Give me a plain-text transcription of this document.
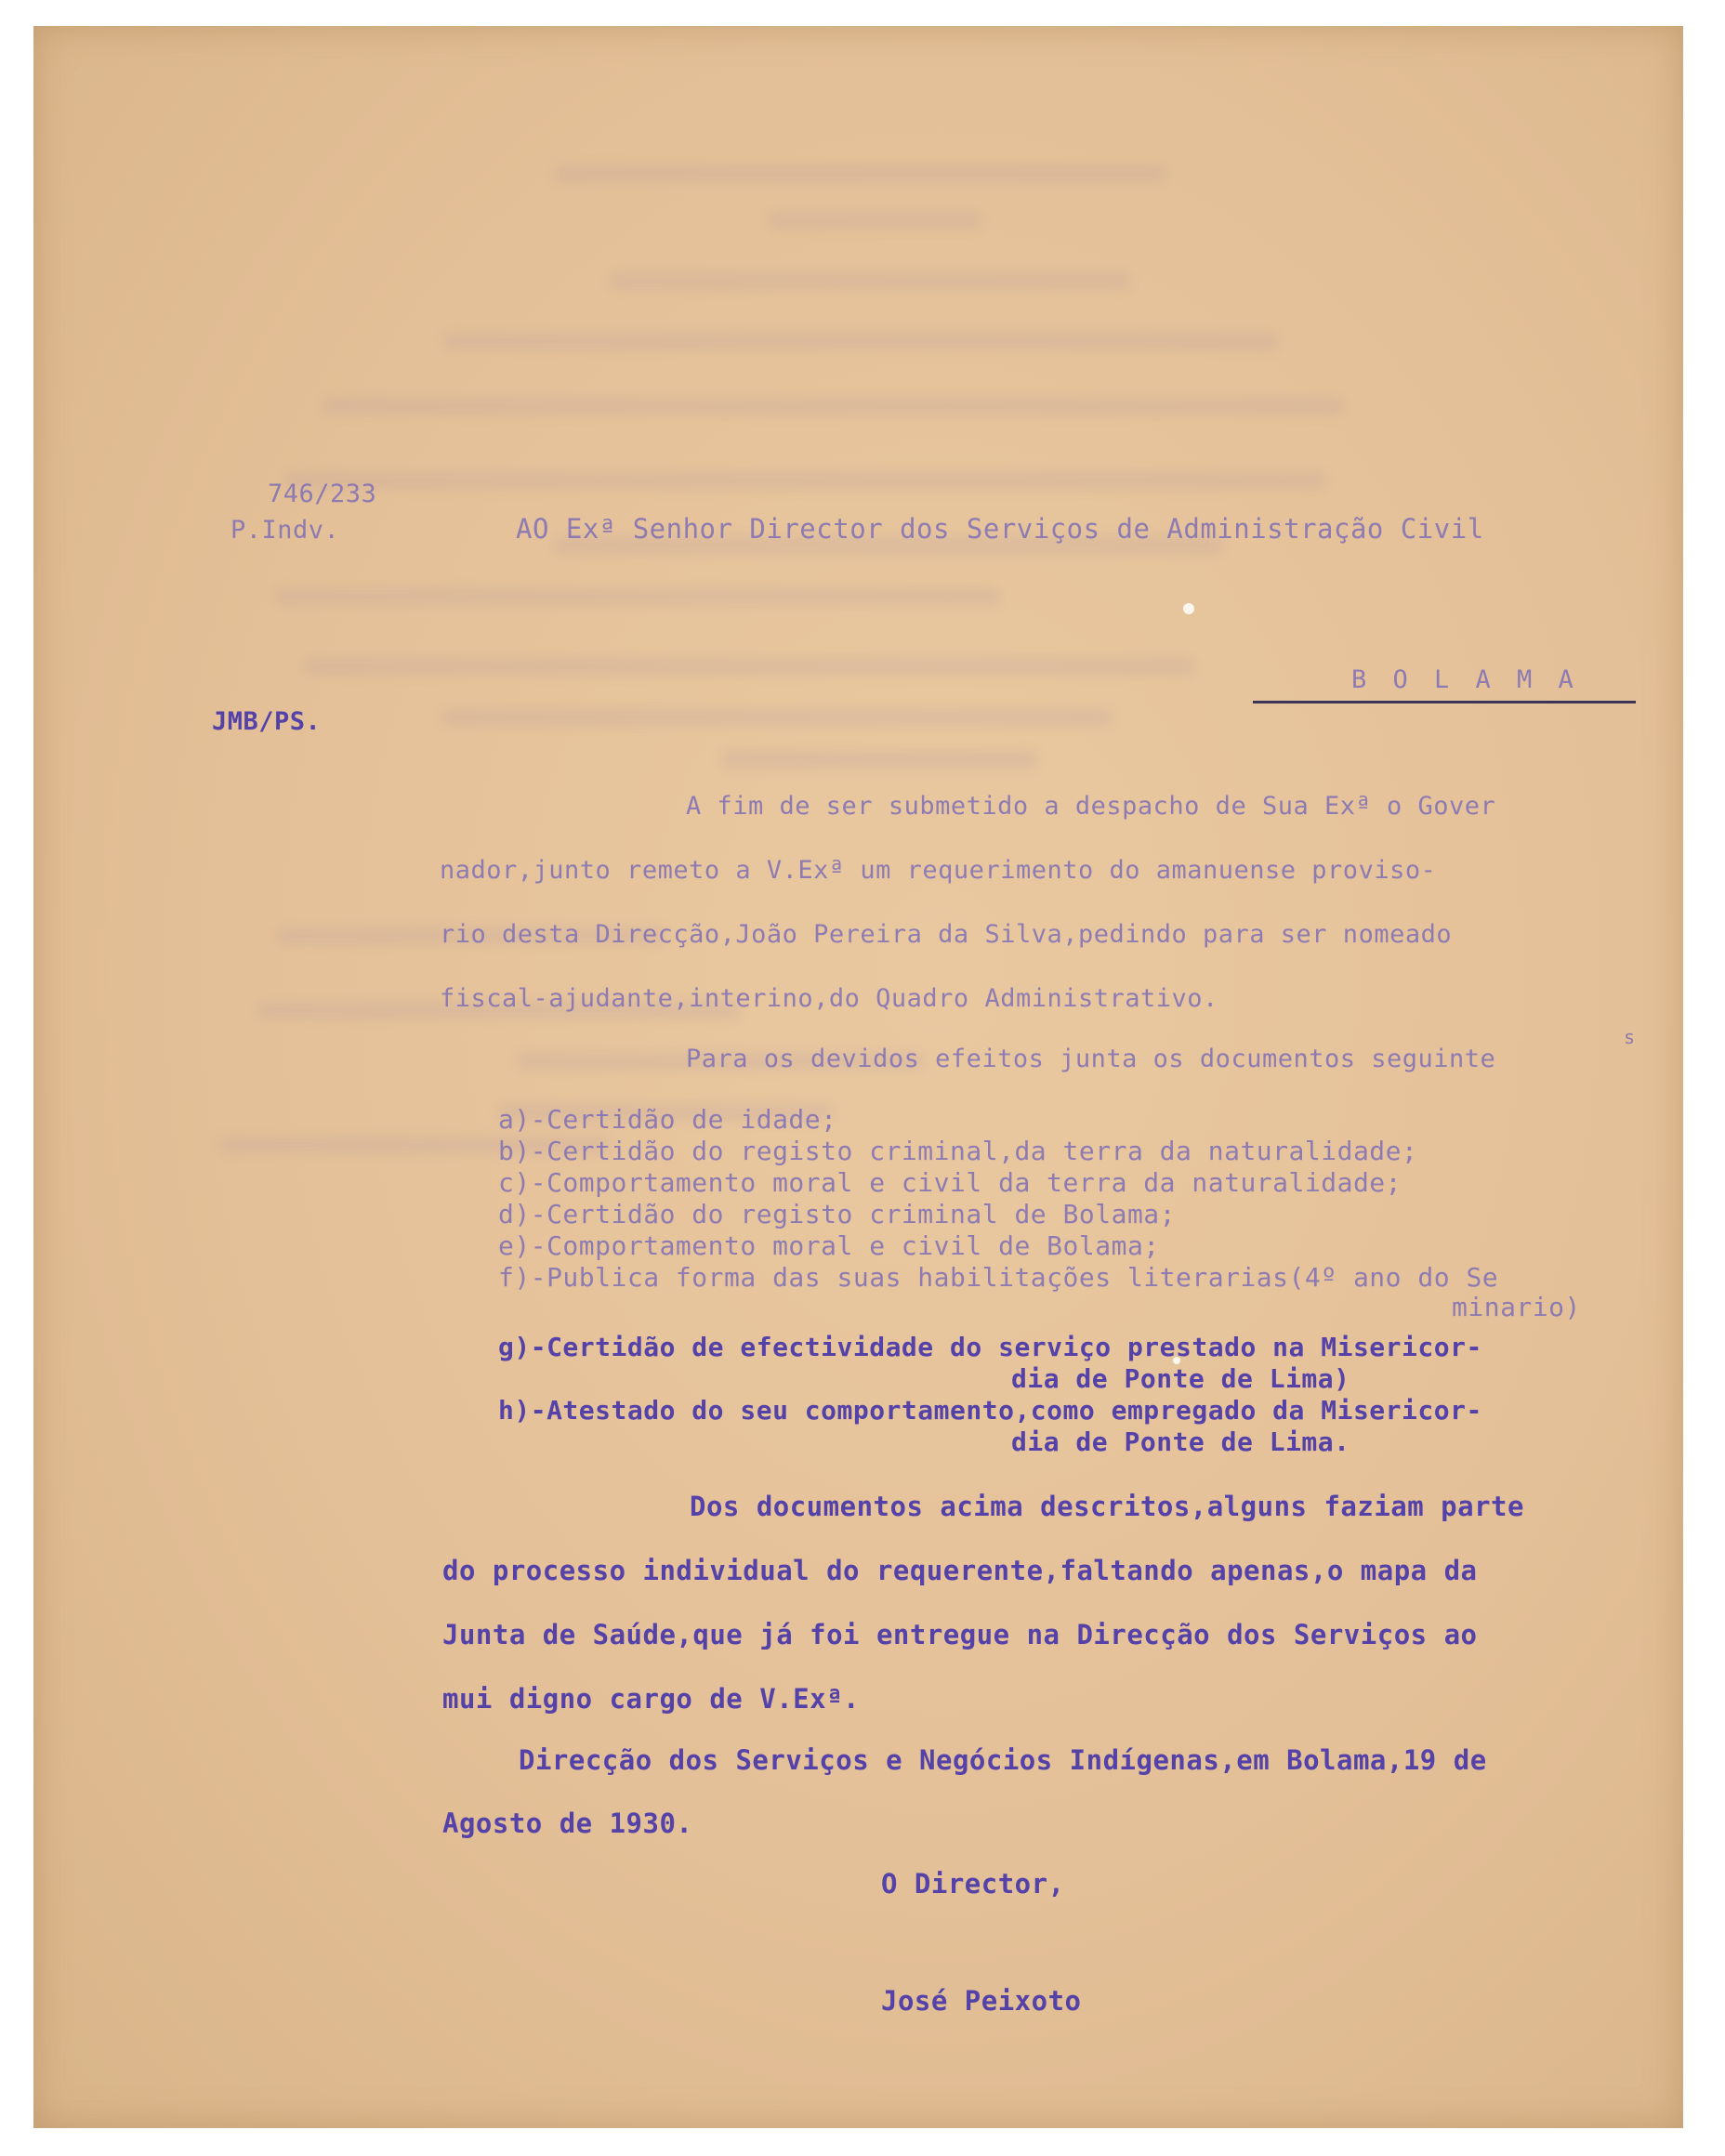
746/233
P.Indv.	AO Exª Senhor Director dos Serviços de Administração Civil
B O L A M A
JMB/PS.
A fim de ser submetido a despacho de Sua Exª o Gover
nador,junto remeto a V.Exª um requerimento do amanuense proviso-
rio desta Direcção,João Pereira da Silva,pedindo para ser nomeado
fiscal-ajudante,interino,do Quadro Administrativo.
Para os devidos efeitos junta os documentos seguinte
s
a)-Certidão de idade;
b)-Certidão do registo criminal,da terra da naturalidade;
c)-Comportamento moral e civil da terra da naturalidade;
d)-Certidão do registo criminal de Bolama;
e)-Comportamento moral e civil de Bolama;
f)-Publica forma das suas habilitações literarias(4º ano do Se
minario)
g)-Certidão de efectividade do serviço prestado na Misericor-
dia de Ponte de Lima)
h)-Atestado do seu comportamento,como empregado da Misericor-
dia de Ponte de Lima.
Dos documentos acima descritos,alguns faziam parte
do processo individual do requerente,faltando apenas,o mapa da
Junta de Saúde,que já foi entregue na Direcção dos Serviços ao
mui digno cargo de V.Exª.
Direcção dos Serviços e Negócios Indígenas,em Bolama,19 de
Agosto de 1930.
O Director,
José Peixoto
